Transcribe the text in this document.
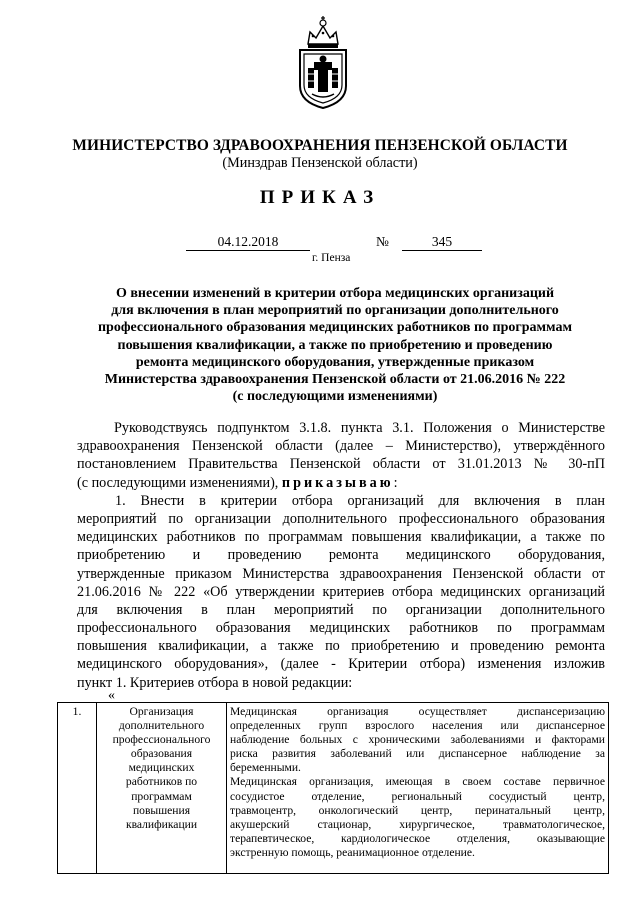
МИНИСТЕРСТВО ЗДРАВООХРАНЕНИЯ ПЕНЗЕНСКОЙ ОБЛАСТИ
(Минздрав Пензенской области)
ПРИКАЗ
04.12.2018	№	345
г. Пенза
О внесении изменений в критерии отбора медицинских организаций
для включения в план мероприятий по организации дополнительного
профессионального образования медицинских работников по программам
повышения квалификации, а также по приобретению и проведению
ремонта медицинского оборудования, утвержденные приказом
Министерства здравоохранения Пензенской области от 21.06.2016 № 222
(с последующими изменениями)
Руководствуясь подпунктом 3.1.8. пункта 3.1. Положения о Министерстве
здравоохранения Пензенской области (далее – Министерство), утверждённого
постановлением Правительства Пензенской области от 31.01.2013 № 30-пП
(с последующими изменениями), приказываю:
1. Внести в критерии отбора организаций для включения в план
мероприятий по организации дополнительного профессионального образования
медицинских работников по программам повышения квалификации, а также по
приобретению и проведению ремонта медицинского оборудования,
утвержденные приказом Министерства здравоохранения Пензенской области от
21.06.2016 № 222 «Об утверждении критериев отбора медицинских организаций
для включения в план мероприятий по организации дополнительного
профессионального образования медицинских работников по программам
повышения квалификации, а также по приобретению и проведению ремонта
медицинского оборудования», (далее - Критерии отбора) изменения изложив
пункт 1. Критериев отбора в новой редакции:
«
1.	Организация
дополнительного
профессионального
образования
медицинских
работников по
программам
повышения
квалификации

Медицинская организация осуществляет диспансеризацию
определенных групп взрослого населения или диспансерное
наблюдение больных с хроническими заболеваниями и факторами
риска развития заболеваний или диспансерное наблюдение за
беременными.
Медицинская организация, имеющая в своем составе первичное
сосудистое отделение, региональный сосудистый центр,
травмоцентр, онкологический центр, перинатальный центр,
акушерский стационар, хирургическое, травматологическое,
терапевтическое, кардиологическое отделения, оказывающие
экстренную помощь, реанимационное отделение.
